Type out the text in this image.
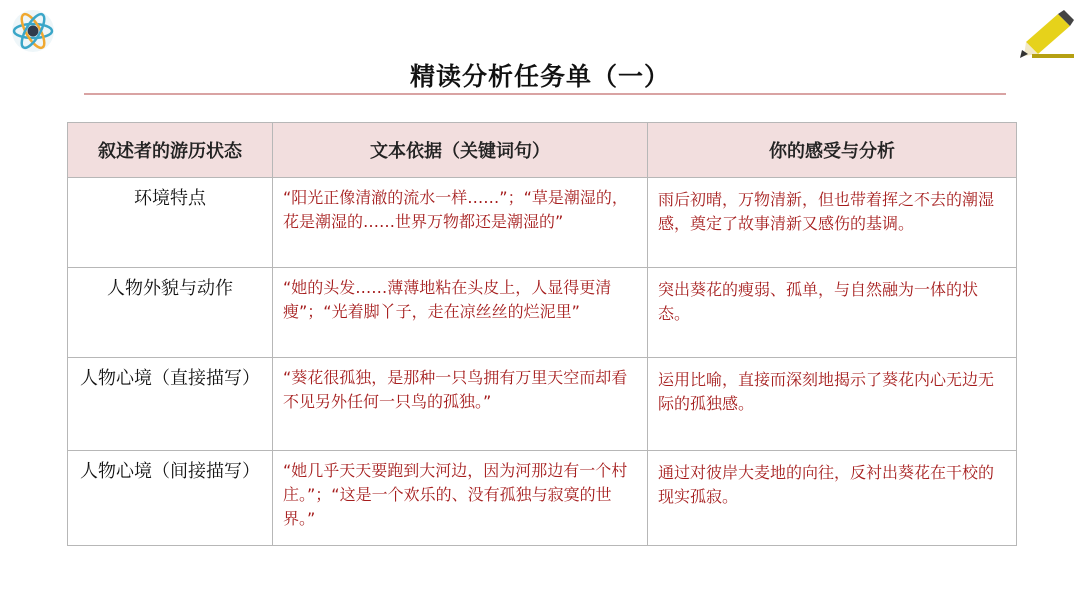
精读分析任务单（一）
叙述者的游历状态	文本依据（关键词句）	你的感受与分析
环境特点	“阳光正像清澈的流水一样……”；“草是潮湿的，花是潮湿的……世界万物都还是潮湿的”	雨后初晴，万物清新，但也带着挥之不去的潮湿感，奠定了故事清新又感伤的基调。
人物外貌与动作	“她的头发……薄薄地粘在头皮上，人显得更清瘦”；“光着脚丫子，走在凉丝丝的烂泥里”	突出葵花的瘦弱、孤单，与自然融为一体的状态。
人物心境（直接描写）	“葵花很孤独，是那种一只鸟拥有万里天空而却看不见另外任何一只鸟的孤独。”	运用比喻，直接而深刻地揭示了葵花内心无边无际的孤独感。
人物心境（间接描写）	“她几乎天天要跑到大河边，因为河那边有一个村庄。”；“这是一个欢乐的、没有孤独与寂寞的世界。”	通过对彼岸大麦地的向往，反衬出葵花在干校的现实孤寂。
